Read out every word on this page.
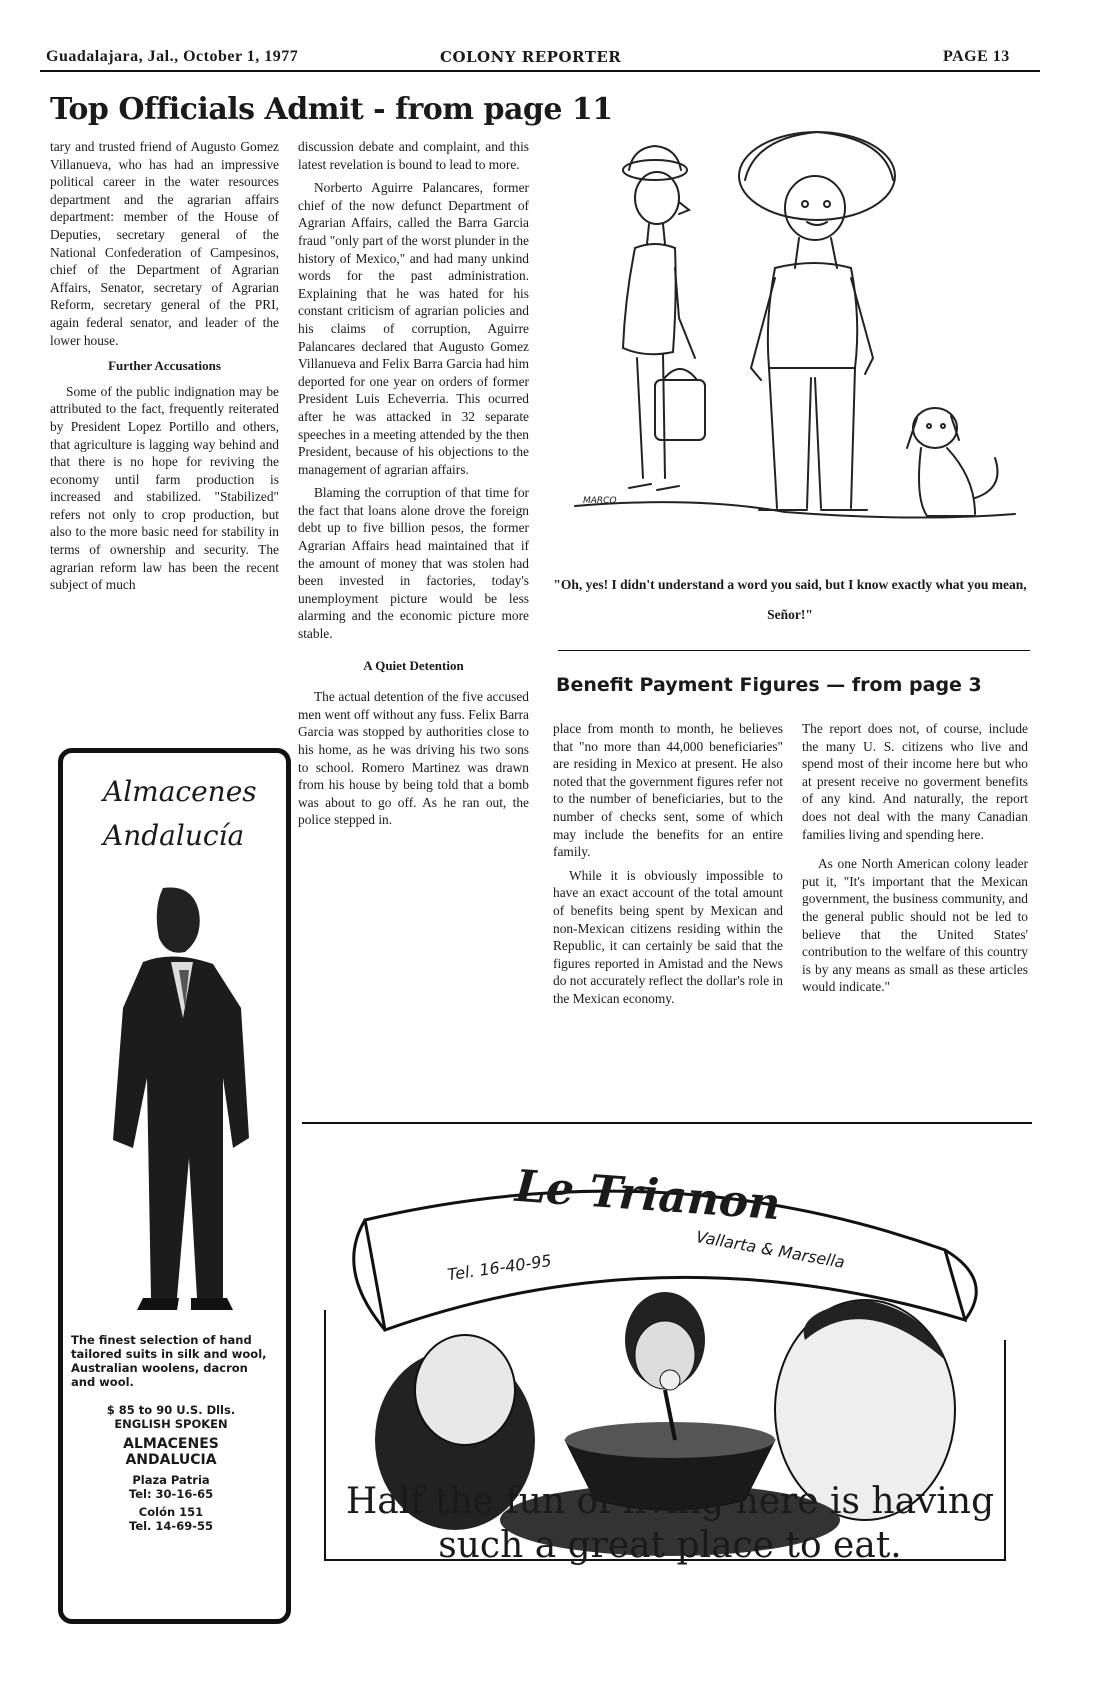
Guadalajara, Jal., October 1, 1977	COLONY REPORTER	PAGE 13
Top Officials Admit - from page 11

tary and trusted friend of Augusto Gomez Villanueva, who has had an impressive political career in the water resources department and the agrarian affairs department: member of the House of Deputies, secretary general of the National Confederation of Campesinos, chief of the Department of Agrarian Affairs, Senator, secretary of Agrarian Reform, secretary general of the PRI, again federal senator, and leader of the lower house.

Further Accusations

Some of the public indignation may be attributed to the fact, frequently reiterated by President Lopez Portillo and others, that agriculture is lagging way behind and that there is no hope for reviving the economy until farm production is increased and stabilized. "Stabilized" refers not only to crop production, but also to the more basic need for stability in terms of ownership and security. The agrarian reform law has been the recent subject of much

discussion debate and complaint, and this latest revelation is bound to lead to more.

Norberto Aguirre Palancares, former chief of the now defunct Department of Agrarian Affairs, called the Barra Garcia fraud "only part of the worst plunder in the history of Mexico," and had many unkind words for the past administration. Explaining that he was hated for his constant criticism of agrarian policies and his claims of corruption, Aguirre Palancares declared that Augusto Gomez Villanueva and Felix Barra Garcia had him deported for one year on orders of former President Luis Echeverria. This ocurred after he was attacked in 32 separate speeches in a meeting attended by the then President, because of his objections to the management of agrarian affairs.

Blaming the corruption of that time for the fact that loans alone drove the foreign debt up to five billion pesos, the former Agrarian Affairs head maintained that if the amount of money that was stolen had been invested in factories, today's unemployment picture would be less alarming and the economic picture more stable.

A Quiet Detention

The actual detention of the five accused men went off without any fuss. Felix Barra Garcia was stopped by authorities close to his home, as he was driving his two sons to school. Romero Martinez was drawn from his house by being told that a bomb was about to go off. As he ran out, the police stepped in.

MARCO
"Oh, yes! I didn't understand a word you said, but I know exactly what you mean, Señor!"
Benefit Payment Figures — from page 3

place from month to month, he believes that "no more than 44,000 beneficiaries" are residing in Mexico at present. He also noted that the government figures refer not to the number of beneficiaries, but to the number of checks sent, some of which may include the benefits for an entire family.

While it is obviously impossible to have an exact account of the total amount of benefits being spent by Mexican and non-Mexican citizens residing within the Republic, it can certainly be said that the figures reported in Amistad and the News do not accurately reflect the dollar's role in the Mexican economy.

The report does not, of course, include the many U. S. citizens who live and spend most of their income here but who at present receive no goverment benefits of any kind. And naturally, the report does not deal with the many Canadian families living and spending here.

As one North American colony leader put it, "It's important that the Mexican government, the business community, and the general public should not be led to believe that the United States' contribution to the welfare of this country is by any means as small as these articles would indicate."

Almacenes
Andalucía
The finest selection of hand tailored suits in silk and wool, Australian woolens, dacron and wool.
$ 85 to 90 U.S. Dlls.
ENGLISH SPOKEN
ALMACENES
ANDALUCIA
Plaza Patria
Tel: 30-16-65
Colón 151
Tel. 14-69-55
Le Trianon
Tel. 16-40-95	Vallarta & Marsella
Half the fun of living here is having
such a great place to eat.
